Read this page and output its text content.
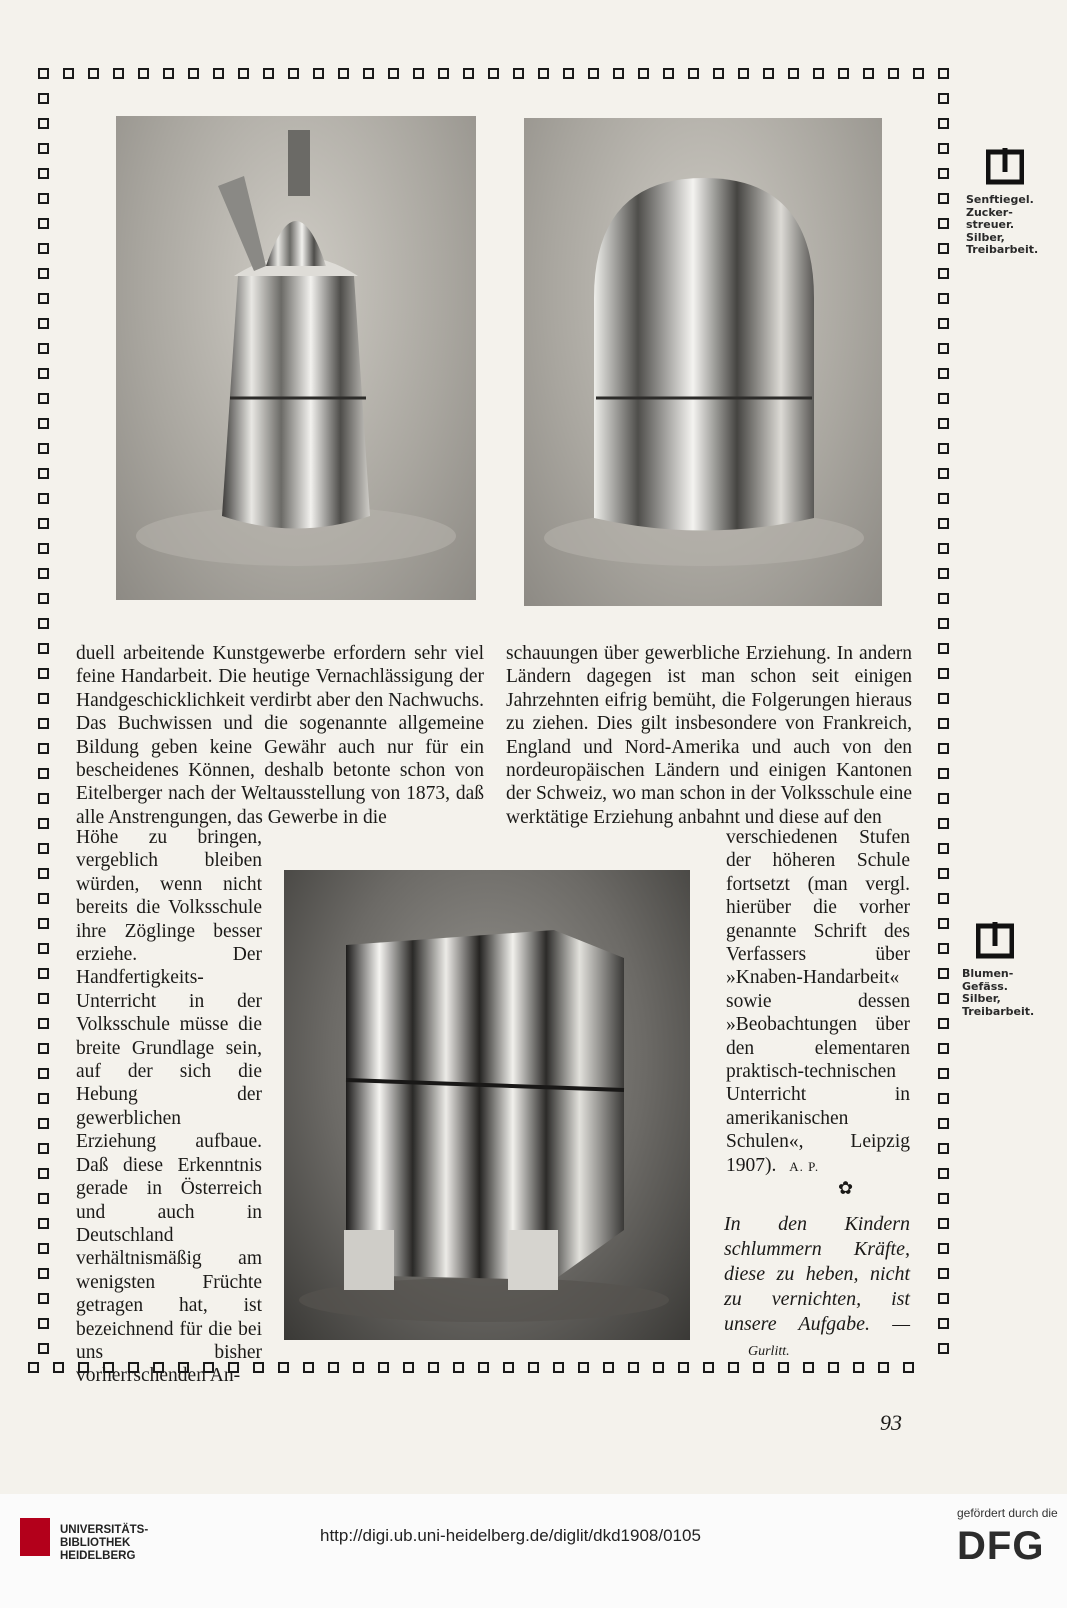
duell arbeitende Kunstgewerbe erfordern sehr viel feine Handarbeit. Die heutige Vernachlässigung der Handgeschicklichkeit verdirbt aber den Nachwuchs. Das Buchwissen und die sogenannte allgemeine Bildung geben keine Gewähr auch nur für ein bescheidenes Können, deshalb betonte schon von Eitelberger nach der Weltausstellung von 1873, daß alle Anstrengungen, das Gewerbe in die

schauungen über gewerbliche Erziehung. In andern Ländern dagegen ist man schon seit einigen Jahrzehnten eifrig bemüht, die Folgerungen hieraus zu ziehen. Dies gilt insbesondere von Frankreich, England und Nord-Amerika und auch von den nordeuropäischen Ländern und einigen Kantonen der Schweiz, wo man schon in der Volksschule eine werktätige Erziehung anbahnt und diese auf den

Höhe zu bringen, vergeblich bleiben würden, wenn nicht bereits die Volksschule ihre Zöglinge besser erziehe. Der Handfertigkeits-Unterricht in der Volksschule müsse die breite Grundlage sein, auf der sich die Hebung der gewerblichen Erziehung aufbaue. Daß diese Erkenntnis gerade in Österreich und auch in Deutschland verhältnismäßig am wenigsten Früchte getragen hat, ist bezeichnend für die bei uns bisher vorherrschenden An-

verschiedenen Stufen der höheren Schule fortsetzt (man vergl. hierüber die vorher genannte Schrift des Verfassers über »Knaben-Handarbeit« sowie dessen »Beobachtungen über den elementaren praktisch-technischen Unterricht in amerikanischen Schulen«, Leipzig 1907). A. P.

✿
In den Kindern schlummern Kräfte, diese zu heben, nicht zu vernichten, ist unsere Aufgabe. — Gurlitt.
Senftiegel.
Zucker-
streuer.
Silber,
Treibarbeit.
Blumen-
Gefäss.
Silber,
Treibarbeit.
93
UNIVERSITÄTS-
BIBLIOTHEK
HEIDELBERG
http://digi.ub.uni-heidelberg.de/diglit/dkd1908/0105
gefördert durch die
DFG
